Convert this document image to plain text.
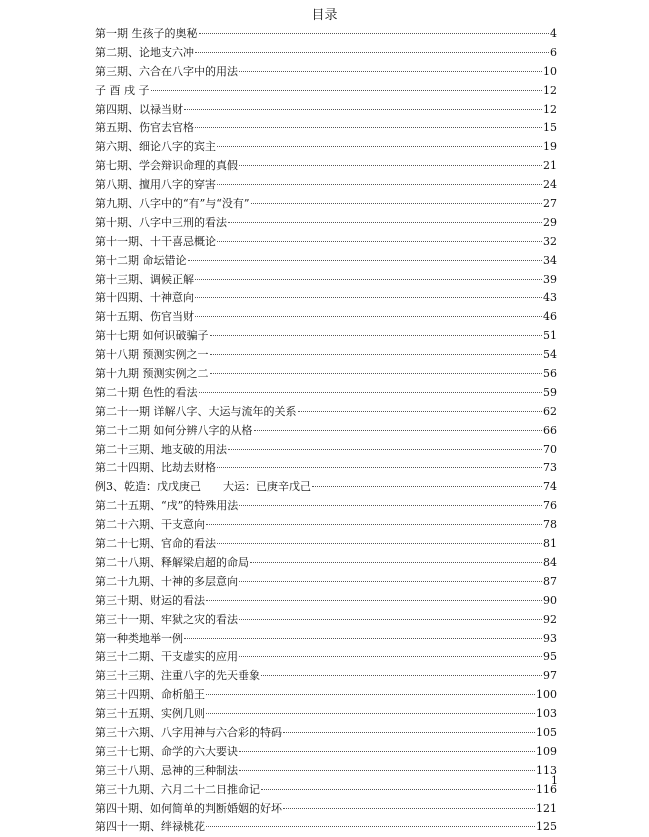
目录
第一期 生孩子的奥秘	4
第二期、论地支六冲	6
第三期、六合在八字中的用法	10
子 酉 戌 子	12
第四期、以禄当财	12
第五期、伤官去官格	15
第六期、细论八字的宾主	19
第七期、学会辩识命理的真假	21
第八期、擅用八字的穿害	24
第九期、八字中的“有”与“没有”	27
第十期、八字中三刑的看法	29
第十一期、十干喜忌概论	32
第十二期 命坛错论	34
第十三期、调候正解	39
第十四期、十神意向	43
第十五期、伤官当财	46
第十七期 如何识破骗子	51
第十八期 预测实例之一	54
第十九期 预测实例之二	56
第二十期 色性的看法	59
第二十一期 详解八字、大运与流年的关系	62
第二十二期 如何分辨八字的从格	66
第二十三期、地支破的用法	70
第二十四期、比劫去财格	73
例3、乾造：戊戊庚己　　大运：已庚辛戊己	74
第二十五期、“戌”的特殊用法	76
第二十六期、干支意向	78
第二十七期、官命的看法	81
第二十八期、释解梁启超的命局	84
第二十九期、十神的多层意向	87
第三十期、财运的看法	90
第三十一期、牢狱之灾的看法	92
第一种类地举一例	93
第三十二期、干支虚实的应用	95
第三十三期、注重八字的先天垂象	97
第三十四期、命析船王	100
第三十五期、实例几则	103
第三十六期、八字用神与六合彩的特码	105
第三十七期、命学的六大要诀	109
第三十八期、忌神的三种制法	113
第三十九期、六月二十二日推命记	116
第四十期、如何简单的判断婚姻的好坏	121
第四十一期、绊禄桃花	125
1
